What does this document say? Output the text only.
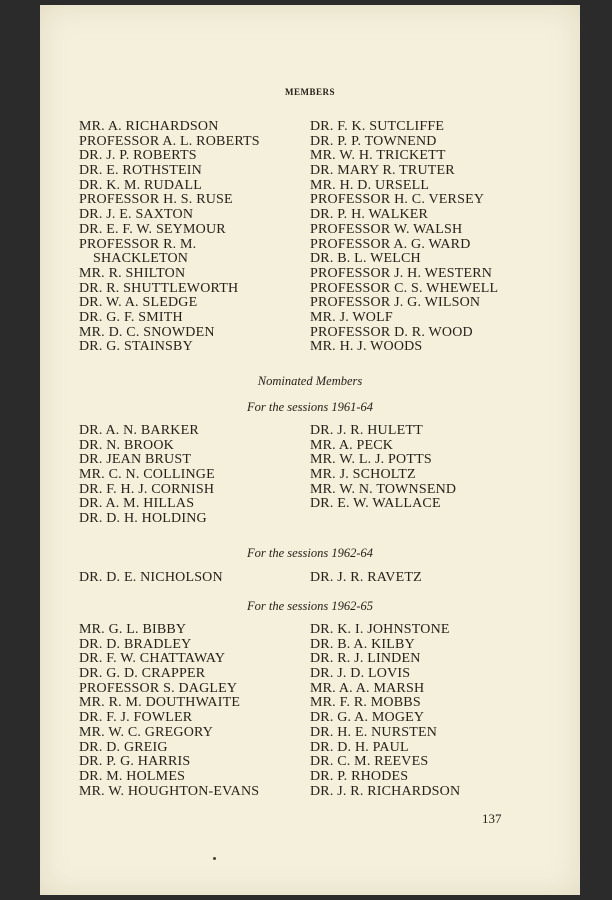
MEMBERS
MR. A. RICHARDSON
PROFESSOR A. L. ROBERTS
DR. J. P. ROBERTS
DR. E. ROTHSTEIN
DR. K. M. RUDALL
PROFESSOR H. S. RUSE
DR. J. E. SAXTON
DR. E. F. W. SEYMOUR
PROFESSOR R. M.
SHACKLETON
MR. R. SHILTON
DR. R. SHUTTLEWORTH
DR. W. A. SLEDGE
DR. G. F. SMITH
MR. D. C. SNOWDEN
DR. G. STAINSBY
DR. F. K. SUTCLIFFE
DR. P. P. TOWNEND
MR. W. H. TRICKETT
DR. MARY R. TRUTER
MR. H. D. URSELL
PROFESSOR H. C. VERSEY
DR. P. H. WALKER
PROFESSOR W. WALSH
PROFESSOR A. G. WARD
DR. B. L. WELCH
PROFESSOR J. H. WESTERN
PROFESSOR C. S. WHEWELL
PROFESSOR J. G. WILSON
MR. J. WOLF
PROFESSOR D. R. WOOD
MR. H. J. WOODS
Nominated Members
For the sessions 1961-64
DR. A. N. BARKER
DR. N. BROOK
DR. JEAN BRUST
MR. C. N. COLLINGE
DR. F. H. J. CORNISH
DR. A. M. HILLAS
DR. D. H. HOLDING
DR. J. R. HULETT
MR. A. PECK
MR. W. L. J. POTTS
MR. J. SCHOLTZ
MR. W. N. TOWNSEND
DR. E. W. WALLACE
For the sessions 1962-64
DR. D. E. NICHOLSON	DR. J. R. RAVETZ
For the sessions 1962-65
MR. G. L. BIBBY
DR. D. BRADLEY
DR. F. W. CHATTAWAY
DR. G. D. CRAPPER
PROFESSOR S. DAGLEY
MR. R. M. DOUTHWAITE
DR. F. J. FOWLER
MR. W. C. GREGORY
DR. D. GREIG
DR. P. G. HARRIS
DR. M. HOLMES
MR. W. HOUGHTON-EVANS
DR. K. I. JOHNSTONE
DR. B. A. KILBY
DR. R. J. LINDEN
DR. J. D. LOVIS
MR. A. A. MARSH
MR. F. R. MOBBS
DR. G. A. MOGEY
DR. H. E. NURSTEN
DR. D. H. PAUL
DR. C. M. REEVES
DR. P. RHODES
DR. J. R. RICHARDSON
137
